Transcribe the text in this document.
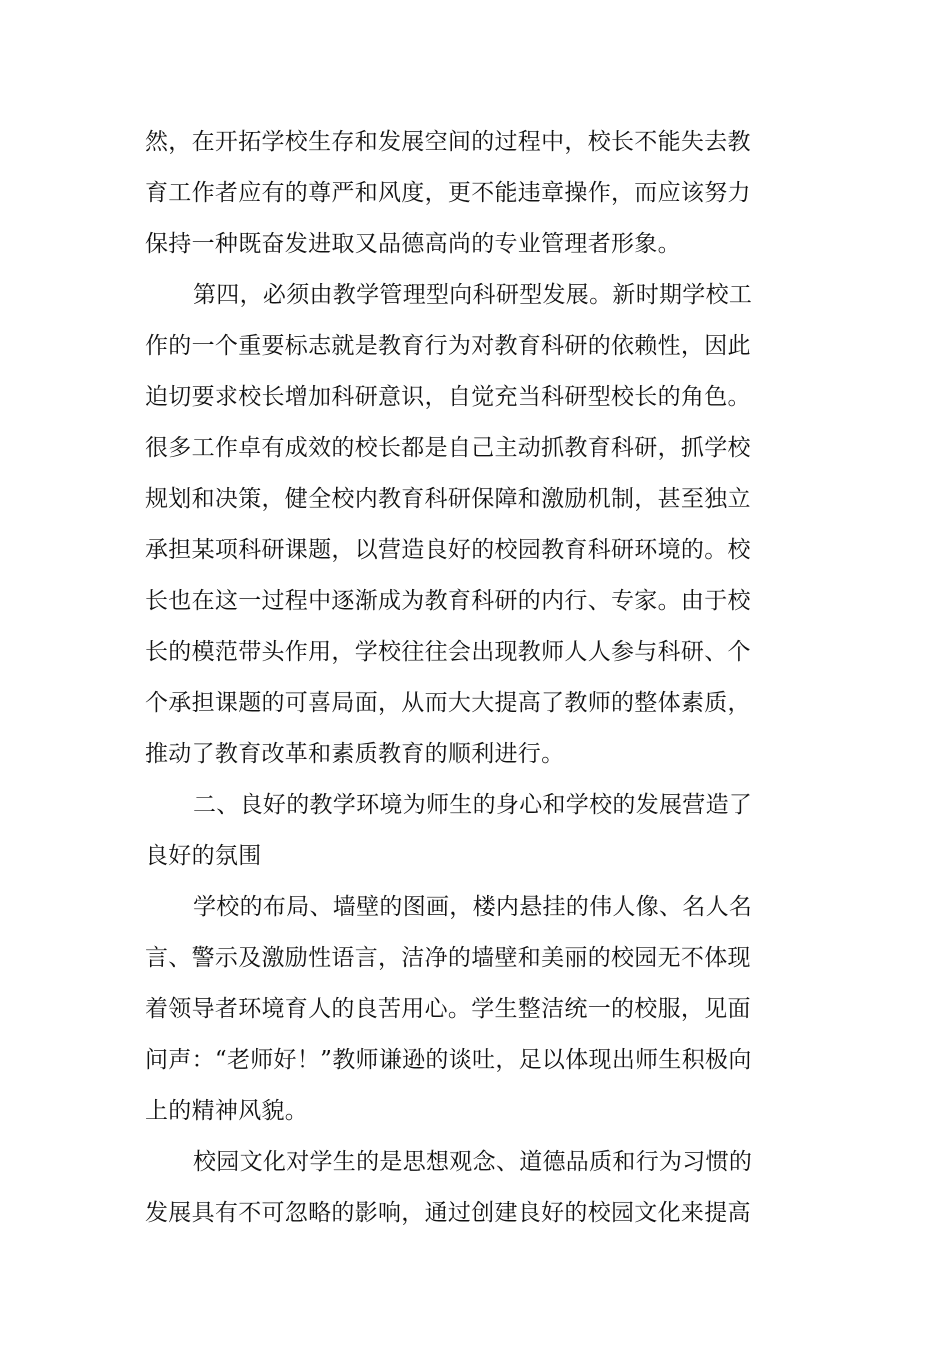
然，在开拓学校生存和发展空间的过程中，校长不能失去教
育工作者应有的尊严和风度，更不能违章操作，而应该努力
保持一种既奋发进取又品德高尚的专业管理者形象。
第四，必须由教学管理型向科研型发展。新时期学校工
作的一个重要标志就是教育行为对教育科研的依赖性，因此
迫切要求校长增加科研意识，自觉充当科研型校长的角色。
很多工作卓有成效的校长都是自己主动抓教育科研，抓学校
规划和决策，健全校内教育科研保障和激励机制，甚至独立
承担某项科研课题，以营造良好的校园教育科研环境的。校
长也在这一过程中逐渐成为教育科研的内行、专家。由于校
长的模范带头作用，学校往往会出现教师人人参与科研、个
个承担课题的可喜局面，从而大大提高了教师的整体素质，
推动了教育改革和素质教育的顺利进行。
二、良好的教学环境为师生的身心和学校的发展营造了
良好的氛围
学校的布局、墙壁的图画，楼内悬挂的伟人像、名人名
言、警示及激励性语言，洁净的墙壁和美丽的校园无不体现
着领导者环境育人的良苦用心。学生整洁统一的校服，见面
问声：“老师好！”教师谦逊的谈吐，足以体现出师生积极向
上的精神风貌。
校园文化对学生的是思想观念、道德品质和行为习惯的
发展具有不可忽略的影响，通过创建良好的校园文化来提高
